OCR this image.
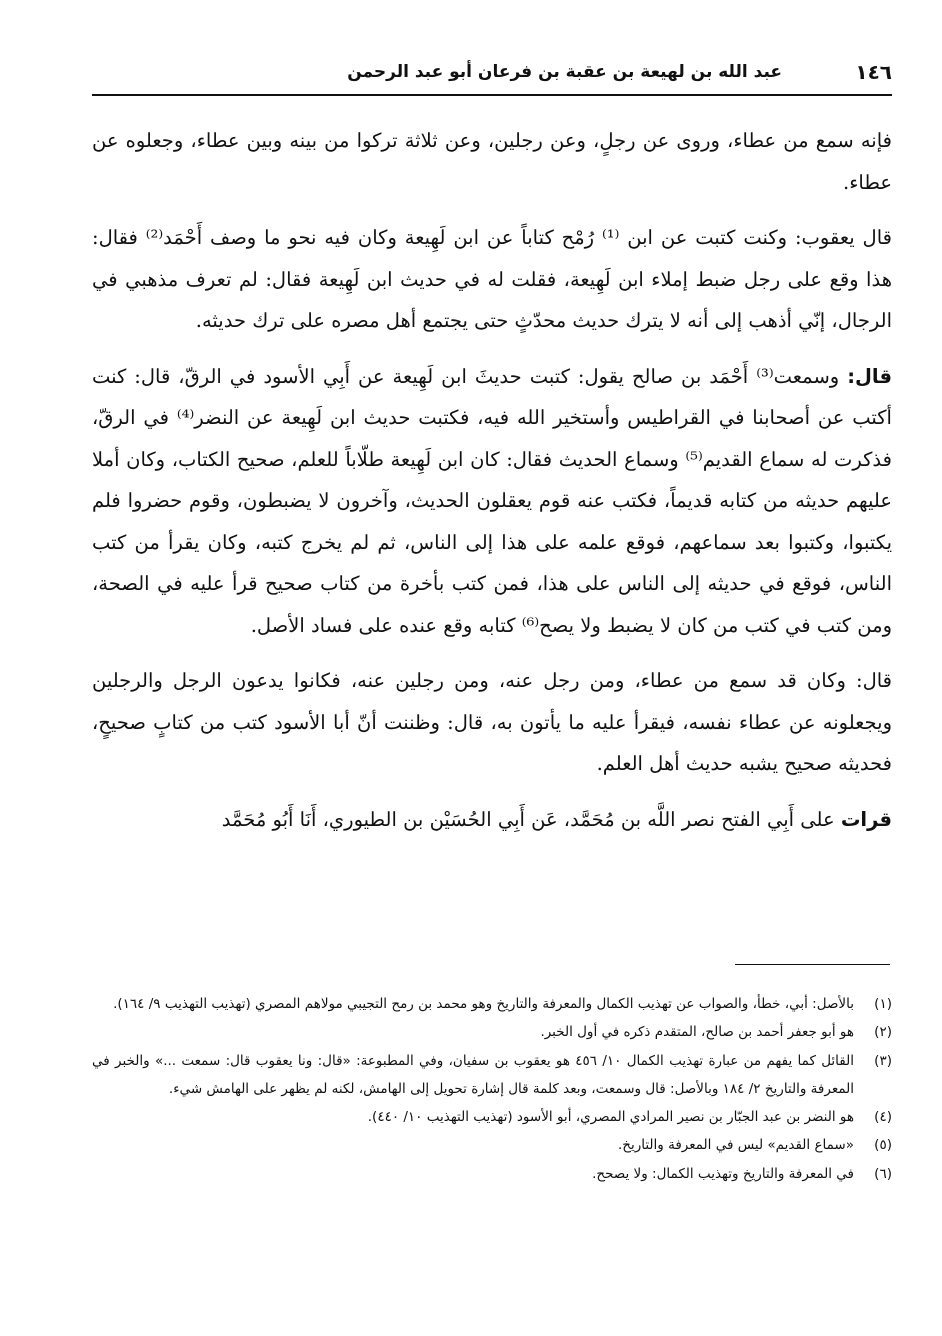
١٤٦
عبد الله بن لهيعة بن عقبة بن فرعان أبو عبد الرحمن

فإنه سمع من عطاء، وروى عن رجلٍ، وعن رجلين، وعن ثلاثة تركوا من بينه وبين عطاء، وجعلوه عن عطاء.

قال يعقوب: وكنت كتبت عن ابن ⁽¹⁾ رُمْح كتاباً عن ابن لَهِيعة وكان فيه نحو ما وصف أَحْمَد⁽²⁾ فقال: هذا وقع على رجل ضبط إملاء ابن لَهِيعة، فقلت له في حديث ابن لَهِيعة فقال: لم تعرف مذهبي في الرجال، إنّي أذهب إلى أنه لا يترك حديث محدّثٍ حتى يجتمع أهل مصره على ترك حديثه.

قال: وسمعت⁽³⁾ أَحْمَد بن صالح يقول: كتبت حديثَ ابن لَهِيعة عن أَبِي الأسود في الرقّ، قال: كنت أكتب عن أصحابنا في القراطيس وأستخير الله فيه، فكتبت حديث ابن لَهِيعة عن النضر⁽⁴⁾ في الرقّ، فذكرت له سماع القديم⁽⁵⁾ وسماع الحديث فقال: كان ابن لَهِيعة طلّاباً للعلم، صحيح الكتاب، وكان أملا عليهم حديثه من كتابه قديماً، فكتب عنه قوم يعقلون الحديث، وآخرون لا يضبطون، وقوم حضروا فلم يكتبوا، وكتبوا بعد سماعهم، فوقع علمه على هذا إلى الناس، ثم لم يخرج كتبه، وكان يقرأ من كتب الناس، فوقع في حديثه إلى الناس على هذا، فمن كتب بأخرة من كتاب صحيح قرأ عليه في الصحة، ومن كتب في كتب من كان لا يضبط ولا يصح⁽⁶⁾ كتابه وقع عنده على فساد الأصل.

قال: وكان قد سمع من عطاء، ومن رجل عنه، ومن رجلين عنه، فكانوا يدعون الرجل والرجلين ويجعلونه عن عطاء نفسه، فيقرأ عليه ما يأتون به، قال: وظننت أنّ أبا الأسود كتب من كتابٍ صحيحٍ، فحديثه صحيح يشبه حديث أهل العلم.

قرات على أَبِي الفتح نصر اللَّه بن مُحَمَّد، عَن أَبِي الحُسَيْن بن الطيوري، أَنَا أَبُو مُحَمَّد

(١)
بالأصل: أبي، خطأ، والصواب عن تهذيب الكمال والمعرفة والتاريخ وهو محمد بن رمح التجيبي مولاهم المصري (تهذيب التهذيب ٩/ ١٦٤).
(٢)
هو أبو جعفر أحمد بن صالح، المتقدم ذكره في أول الخبر.
(٣)
القائل كما يفهم من عبارة تهذيب الكمال ١٠/ ٤٥٦ هو يعقوب بن سفيان، وفي المطبوعة: «قال: ونا يعقوب قال: سمعت ...» والخبر في المعرفة والتاريخ ٢/ ١٨٤ وبالأصل: قال وسمعت، وبعد كلمة قال إشارة تحويل إلى الهامش، لكنه لم يظهر على الهامش شيء.
(٤)
هو النضر بن عبد الجبّار بن نصير المرادي المصري، أبو الأسود (تهذيب التهذيب ١٠/ ٤٤٠).
(٥)
«سماع القديم» ليس في المعرفة والتاريخ.
(٦)
في المعرفة والتاريخ وتهذيب الكمال: ولا يصحح.
